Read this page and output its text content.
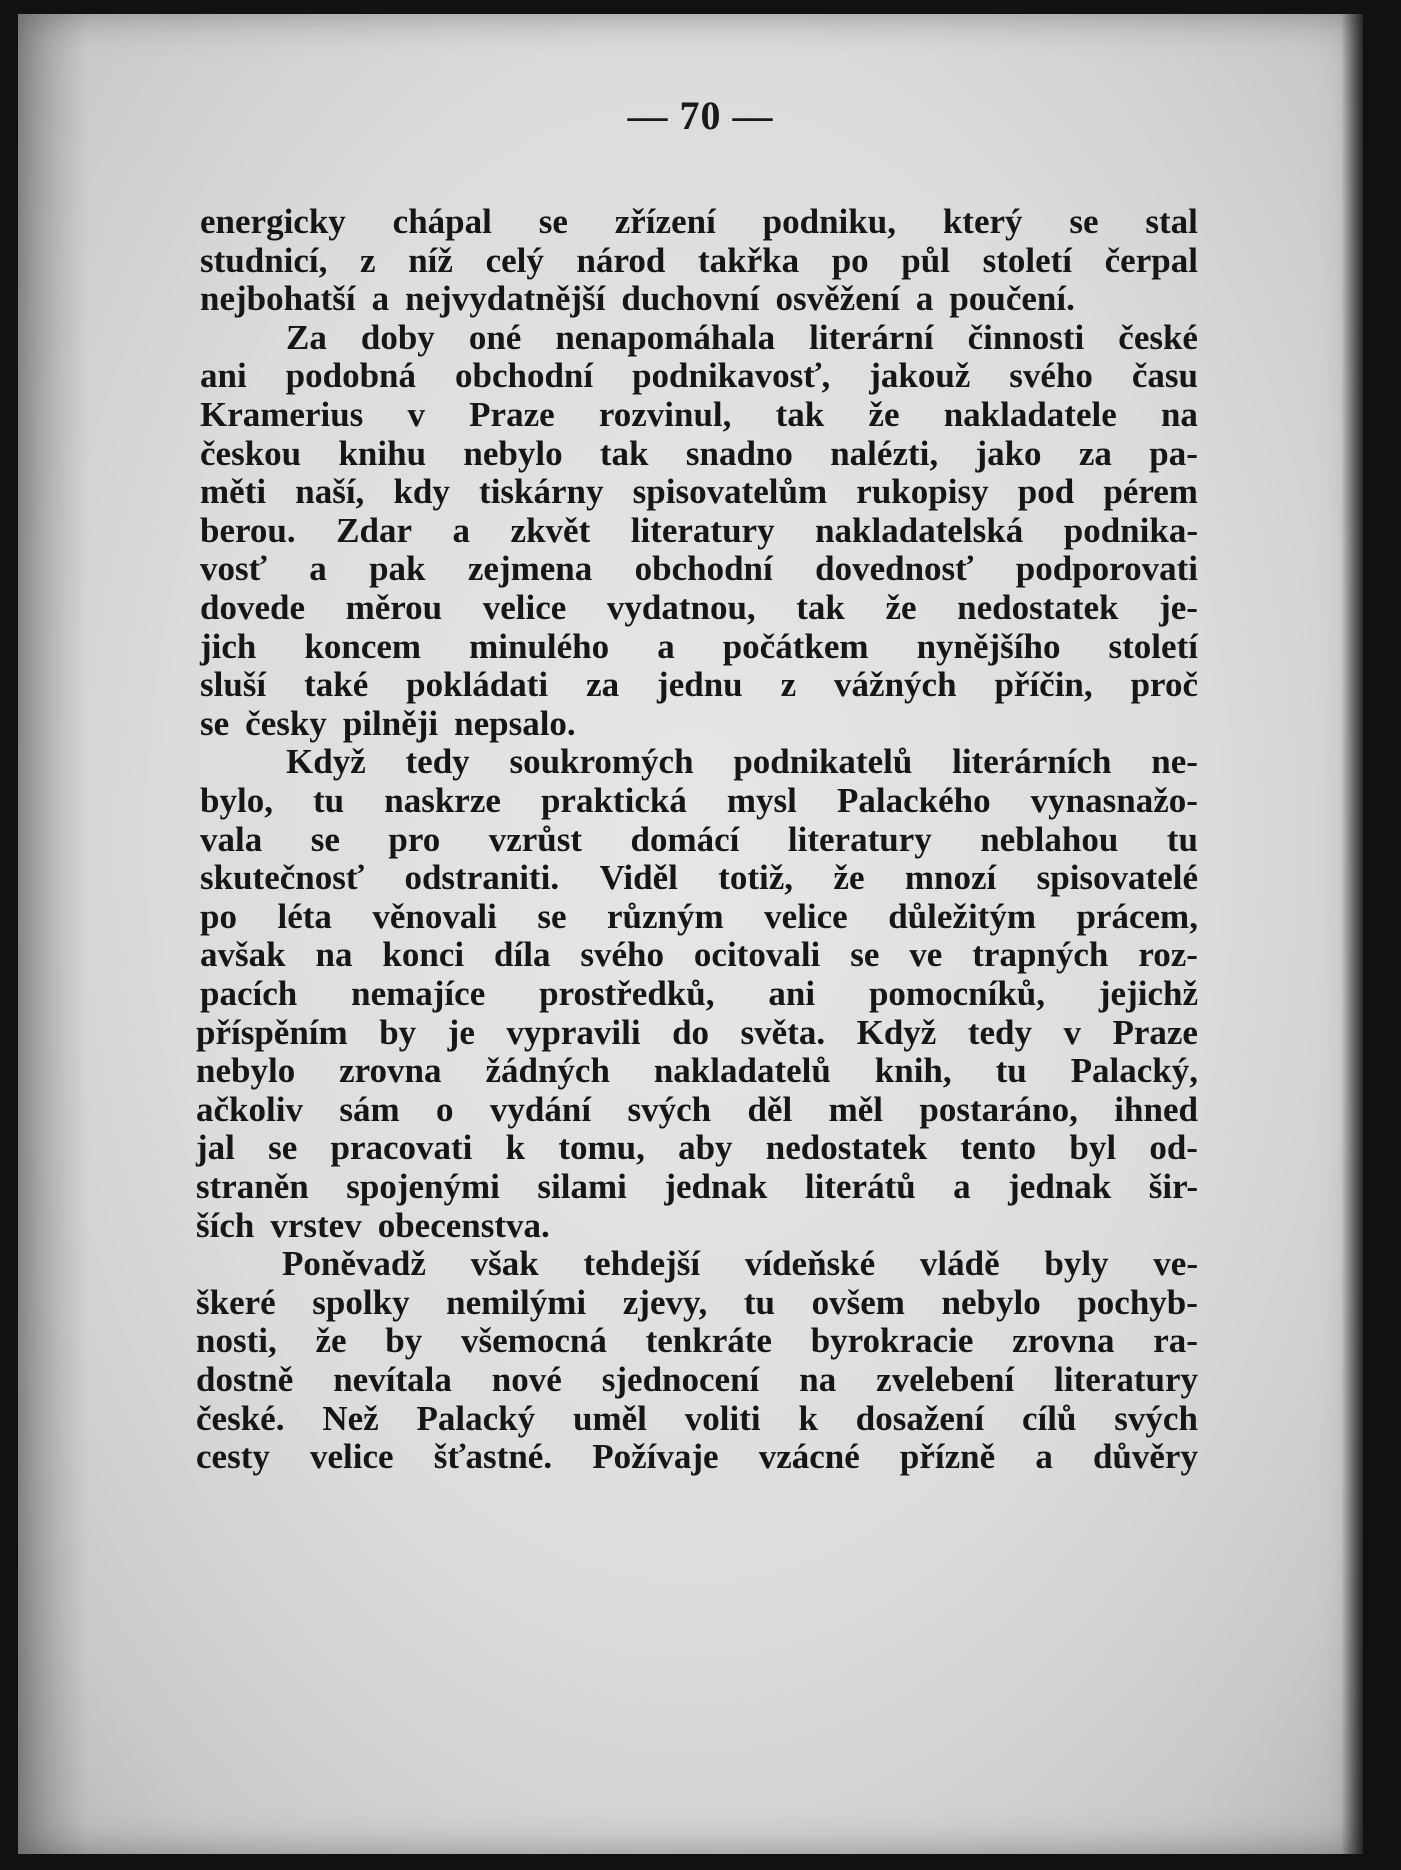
— 70 —
energicky chápal se zřízení podniku, který se stal
studnicí, z níž celý národ takřka po půl století čerpal
nejbohatší a nejvydatnější duchovní osvěžení a poučení.
Za doby oné nenapomáhala literární činnosti české
ani podobná obchodní podnikavosť, jakouž svého času
Kramerius v Praze rozvinul, tak že nakladatele na
českou knihu nebylo tak snadno nalézti, jako za pa-
měti naší, kdy tiskárny spisovatelům rukopisy pod pérem
berou. Zdar a zkvět literatury nakladatelská podnika-
vosť a pak zejmena obchodní dovednosť podporovati
dovede měrou velice vydatnou, tak že nedostatek je-
jich koncem minulého a počátkem nynějšího století
sluší také pokládati za jednu z vážných příčin, proč
se česky pilněji nepsalo.
Když tedy soukromých podnikatelů literárních ne-
bylo, tu naskrze praktická mysl Palackého vynasnažo-
vala se pro vzrůst domácí literatury neblahou tu
skutečnosť odstraniti. Viděl totiž, že mnozí spisovatelé
po léta věnovali se různým velice důležitým prácem,
avšak na konci díla svého ocitovali se ve trapných roz-
pacích nemajíce prostředků, ani pomocníků, jejichž
příspěním by je vypravili do světa. Když tedy v Praze
nebylo zrovna žádných nakladatelů knih, tu Palacký,
ačkoliv sám o vydání svých děl měl postaráno, ihned
jal se pracovati k tomu, aby nedostatek tento byl od-
straněn spojenými silami jednak literátů a jednak šir-
ších vrstev obecenstva.
Poněvadž však tehdejší vídeňské vládě byly ve-
škeré spolky nemilými zjevy, tu ovšem nebylo pochyb-
nosti, že by všemocná tenkráte byrokracie zrovna ra-
dostně nevítala nové sjednocení na zvelebení literatury
české. Než Palacký uměl voliti k dosažení cílů svých
cesty velice šťastné. Požívaje vzácné přízně a důvěry
